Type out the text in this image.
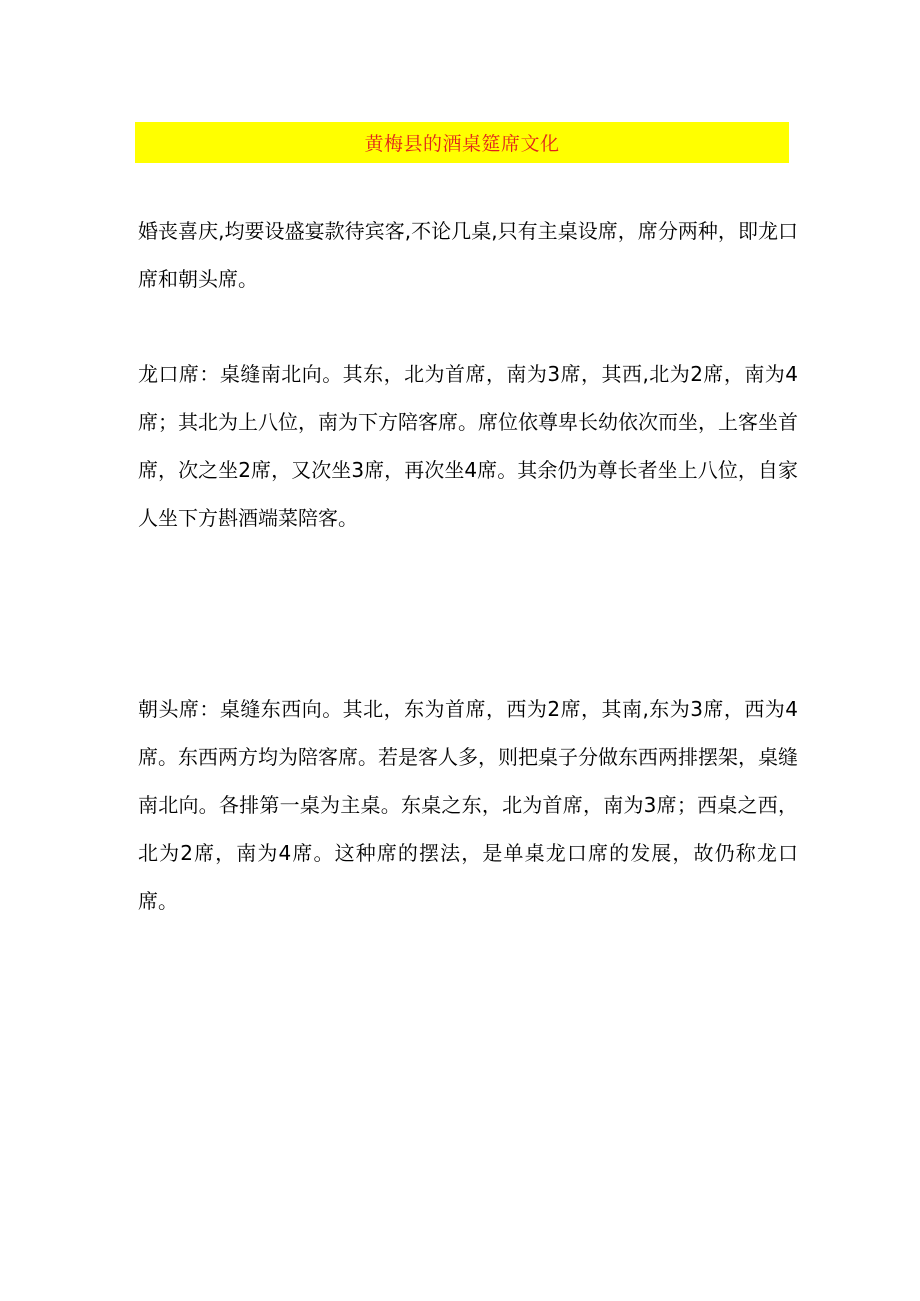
黄梅县的酒桌筵席文化

婚丧喜庆,均要设盛宴款待宾客,不论几桌,只有主桌设席，席分两种，即龙口席和朝头席。

龙口席：桌缝南北向。其东，北为首席，南为3席，其西,北为2席，南为4席；其北为上八位，南为下方陪客席。席位依尊卑长幼依次而坐，上客坐首席，次之坐2席，又次坐3席，再次坐4席。其余仍为尊长者坐上八位，自家人坐下方斟酒端菜陪客。

朝头席：桌缝东西向。其北，东为首席，西为2席，其南,东为3席，西为4席。东西两方均为陪客席。若是客人多，则把桌子分做东西两排摆架，桌缝南北向。各排第一桌为主桌。东桌之东，北为首席，南为3席；西桌之西，北为2席，南为4席。这种席的摆法，是单桌龙口席的发展，故仍称龙口席。
